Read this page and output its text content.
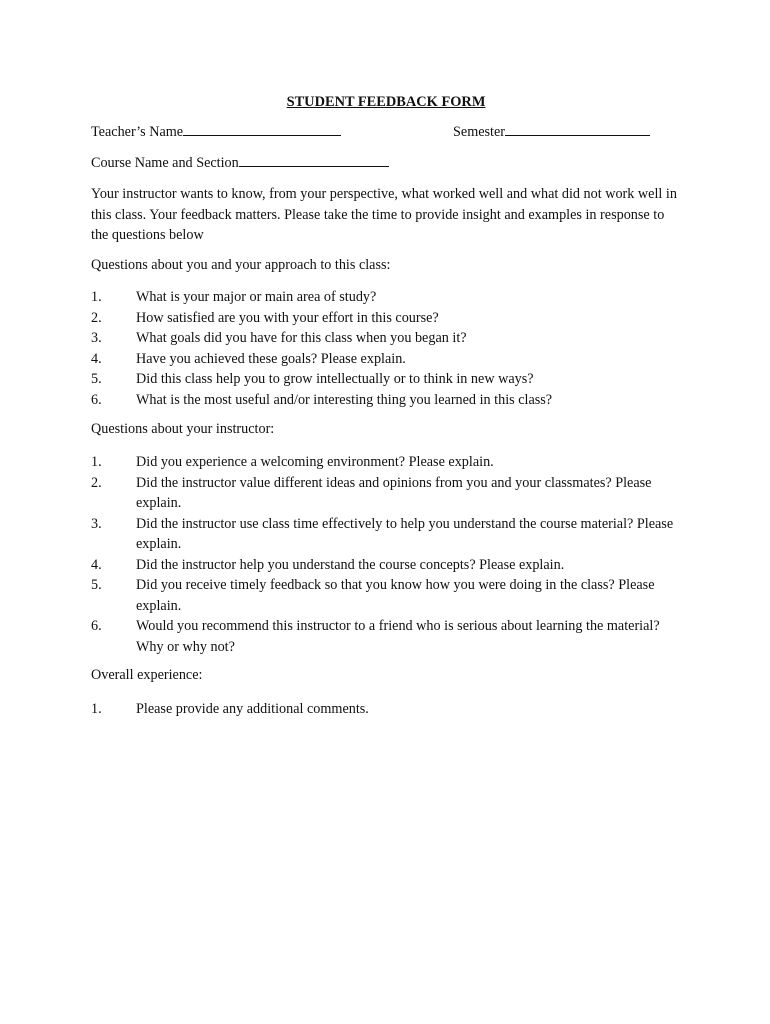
STUDENT FEEDBACK FORM
Teacher’s Name	Semester
Course Name and Section
Your instructor wants to know, from your perspective, what worked well and what did not work well in this class. Your feedback matters. Please take the time to provide insight and examples in response to the questions below
Questions about you and your approach to this class:
1. What is your major or main area of study?
2. How satisfied are you with your effort in this course?
3. What goals did you have for this class when you began it?
4. Have you achieved these goals? Please explain.
5. Did this class help you to grow intellectually or to think in new ways?
6. What is the most useful and/or interesting thing you learned in this class?
Questions about your instructor:
1. Did you experience a welcoming environment? Please explain.
2. Did the instructor value different ideas and opinions from you and your classmates? Please explain.
3. Did the instructor use class time effectively to help you understand the course material? Please explain.
4. Did the instructor help you understand the course concepts? Please explain.
5. Did you receive timely feedback so that you know how you were doing in the class? Please explain.
6. Would you recommend this instructor to a friend who is serious about learning the material? Why or why not?
Overall experience:
1. Please provide any additional comments.
